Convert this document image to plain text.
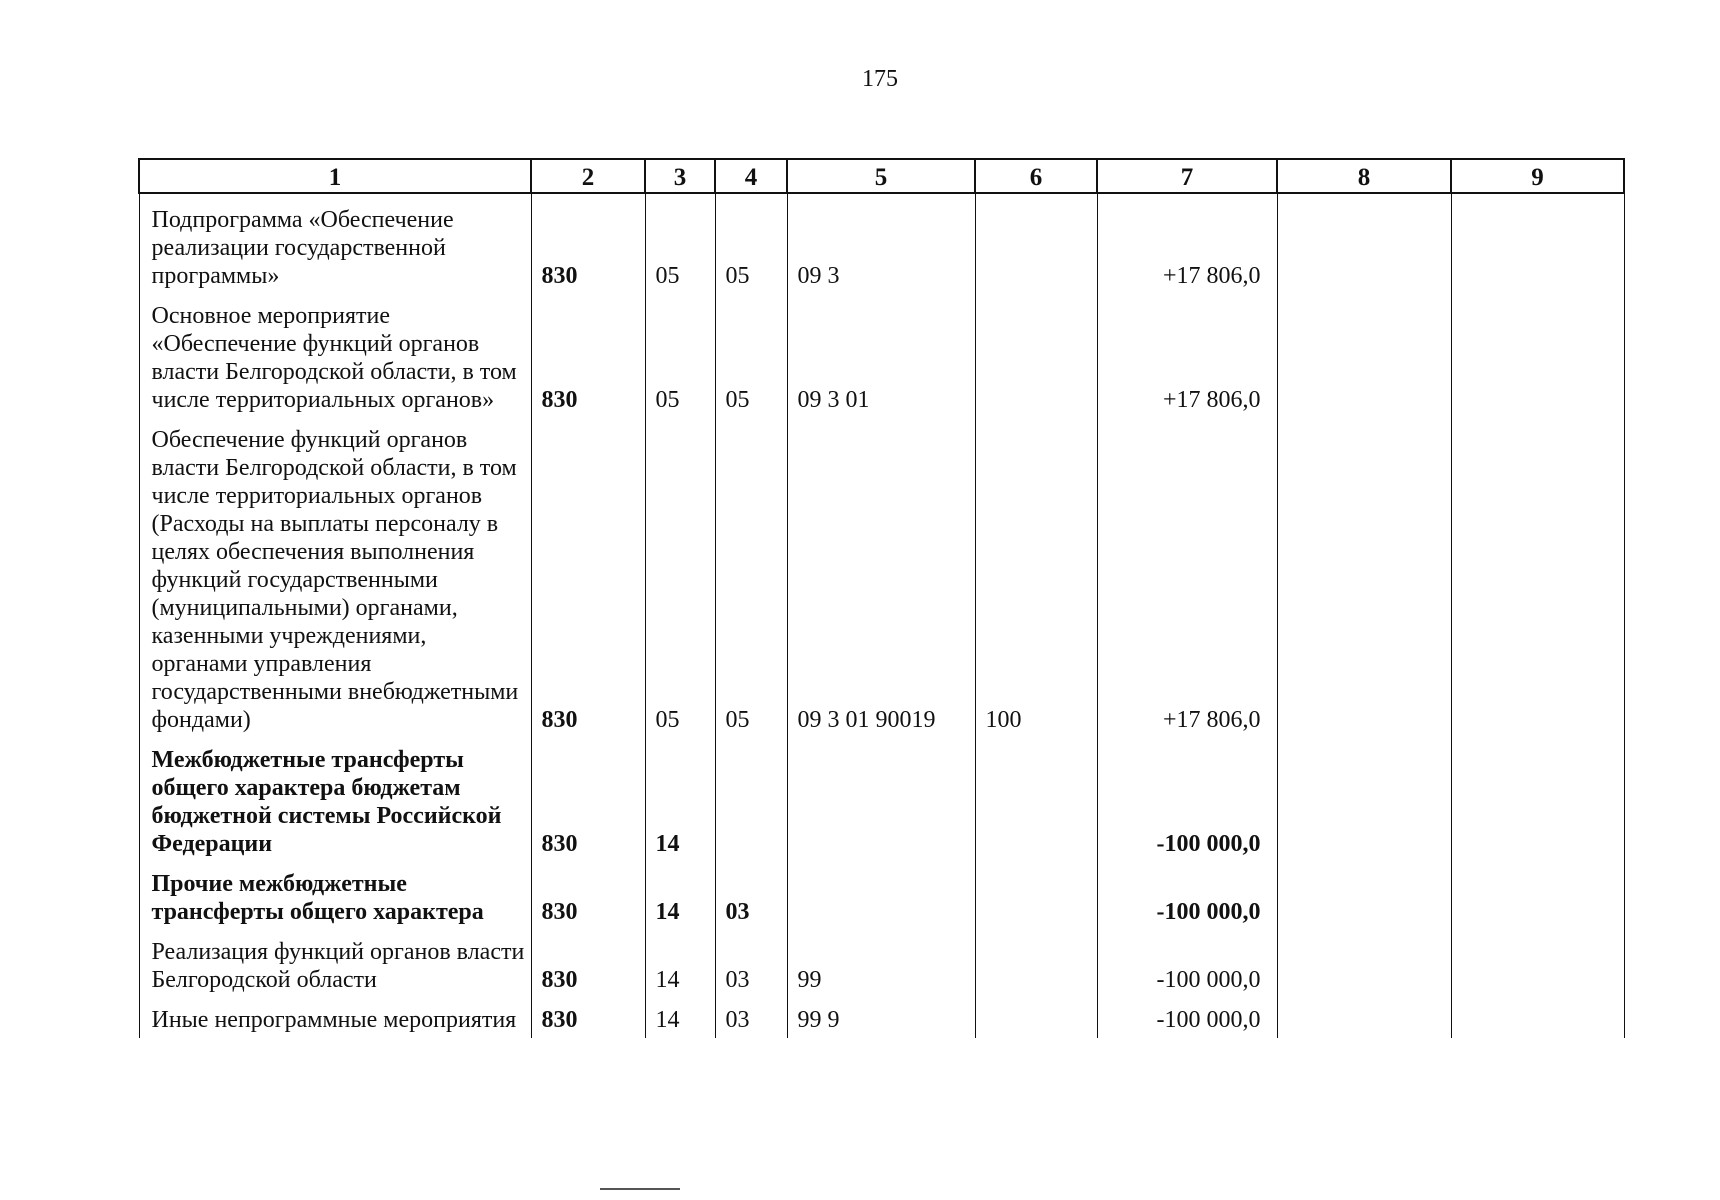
175
1	2	3	4	5	6	7	8	9
Подпрограмма «Обеспечение реализации государственной программы»	830	05	05	09 3		+17 806,0		
Основное мероприятие «Обеспечение функций органов власти Белгородской области, в том числе территориальных органов»	830	05	05	09 3 01		+17 806,0		
Обеспечение функций органов власти Белгородской области, в том числе территориальных органов (Расходы на выплаты персоналу в целях обеспечения выполнения функций государственными (муниципальными) органами, казенными учреждениями, органами управления государственными внебюджетными фондами)	830	05	05	09 3 01 90019	100	+17 806,0		
Межбюджетные трансферты общего характера бюджетам бюджетной системы Российской Федерации	830	14				-100 000,0		
Прочие межбюджетные трансферты общего характера	830	14	03			-100 000,0		
Реализация функций органов власти Белгородской области	830	14	03	99		-100 000,0		
Иные непрограммные мероприятия	830	14	03	99 9		-100 000,0		
